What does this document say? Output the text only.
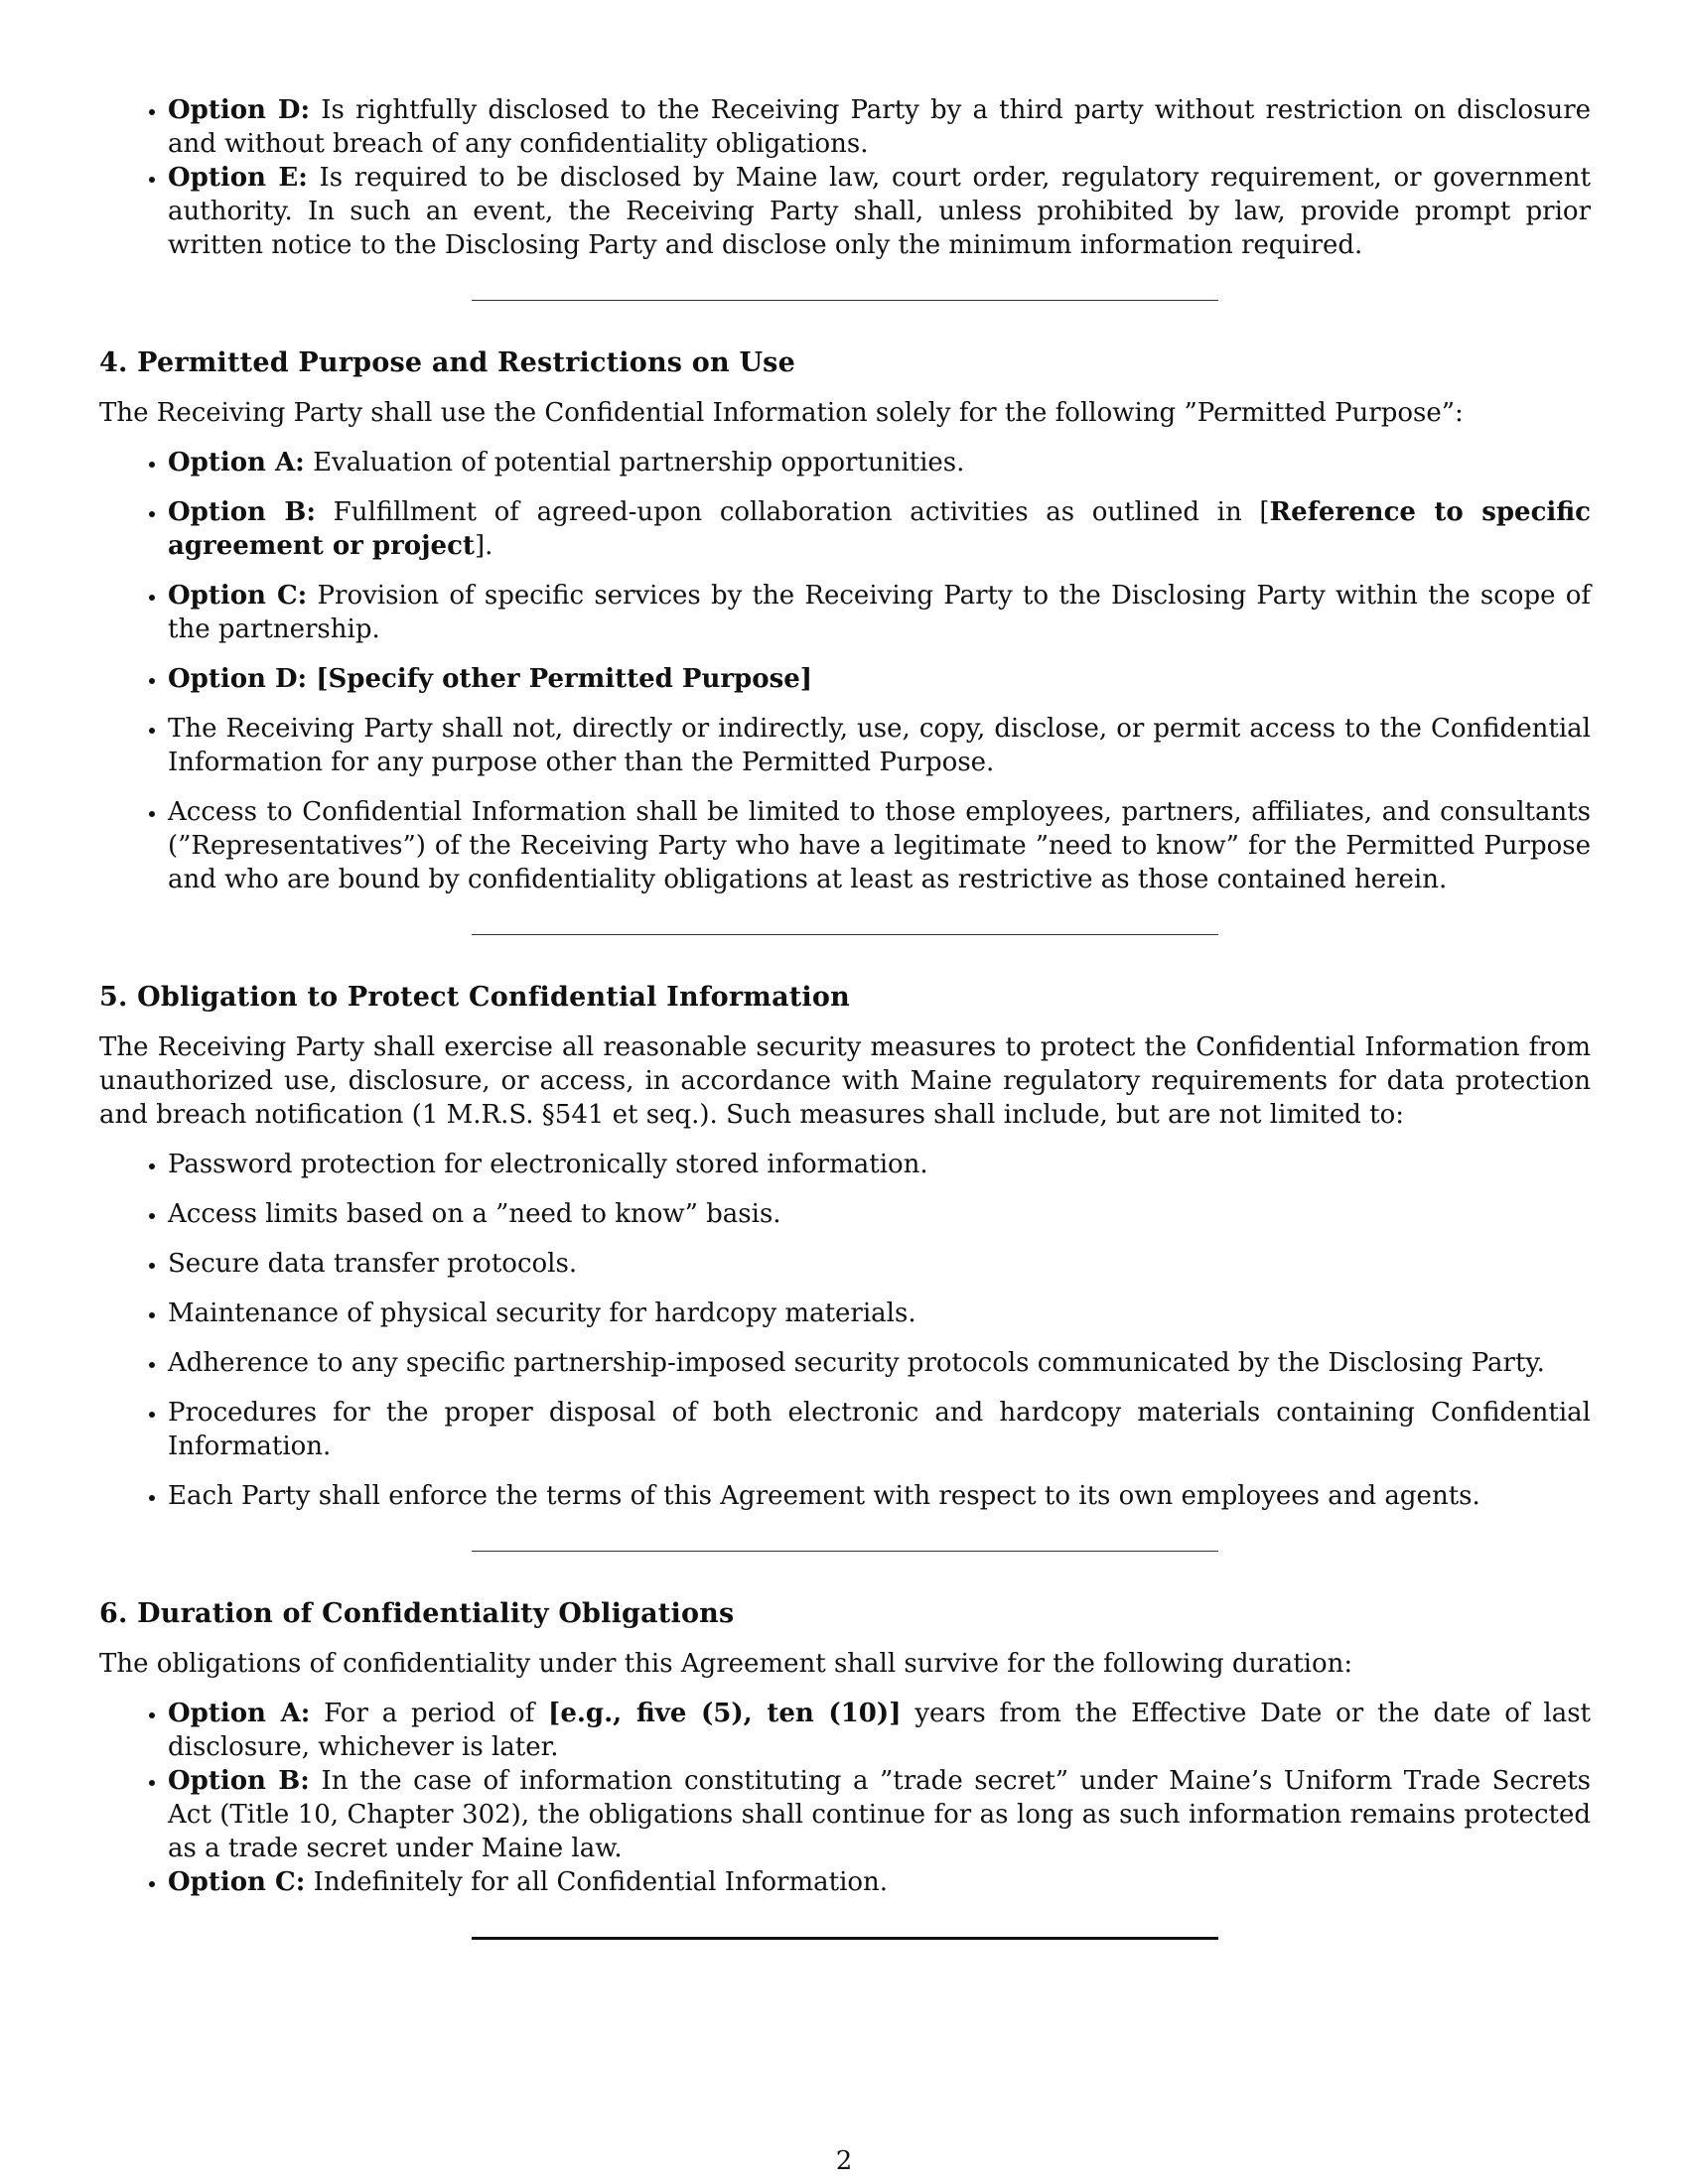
• Option D: Is rightfully disclosed to the Receiving Party by a third party without restriction on disclosure and without breach of any confidentiality obligations.
• Option E: Is required to be disclosed by Maine law, court order, regulatory requirement, or government authority. In such an event, the Receiving Party shall, unless prohibited by law, provide prompt prior written notice to the Disclosing Party and disclose only the minimum information required.
4. Permitted Purpose and Restrictions on Use
The Receiving Party shall use the Confidential Information solely for the following ”Permitted Purpose”:
• Option A: Evaluation of potential partnership opportunities.
• Option B: Fulfillment of agreed-upon collaboration activities as outlined in [Reference to specific agreement or project].
• Option C: Provision of specific services by the Receiving Party to the Disclosing Party within the scope of the partnership.
• Option D: [Specify other Permitted Purpose]
• The Receiving Party shall not, directly or indirectly, use, copy, disclose, or permit access to the Confidential Information for any purpose other than the Permitted Purpose.
• Access to Confidential Information shall be limited to those employees, partners, affiliates, and consultants (”Representatives”) of the Receiving Party who have a legitimate ”need to know” for the Permitted Purpose and who are bound by confidentiality obligations at least as restrictive as those contained herein.
5. Obligation to Protect Confidential Information
The Receiving Party shall exercise all reasonable security measures to protect the Confidential Information from unauthorized use, disclosure, or access, in accordance with Maine regulatory requirements for data protection and breach notification (1 M.R.S. §541 et seq.). Such measures shall include, but are not limited to:
• Password protection for electronically stored information.
• Access limits based on a ”need to know” basis.
• Secure data transfer protocols.
• Maintenance of physical security for hardcopy materials.
• Adherence to any specific partnership-imposed security protocols communicated by the Disclosing Party.
• Procedures for the proper disposal of both electronic and hardcopy materials containing Confidential Information.
• Each Party shall enforce the terms of this Agreement with respect to its own employees and agents.
6. Duration of Confidentiality Obligations
The obligations of confidentiality under this Agreement shall survive for the following duration:
• Option A: For a period of [e.g., five (5), ten (10)] years from the Effective Date or the date of last disclosure, whichever is later.
• Option B: In the case of information constituting a ”trade secret” under Maine’s Uniform Trade Secrets Act (Title 10, Chapter 302), the obligations shall continue for as long as such information remains protected as a trade secret under Maine law.
• Option C: Indefinitely for all Confidential Information.
2
